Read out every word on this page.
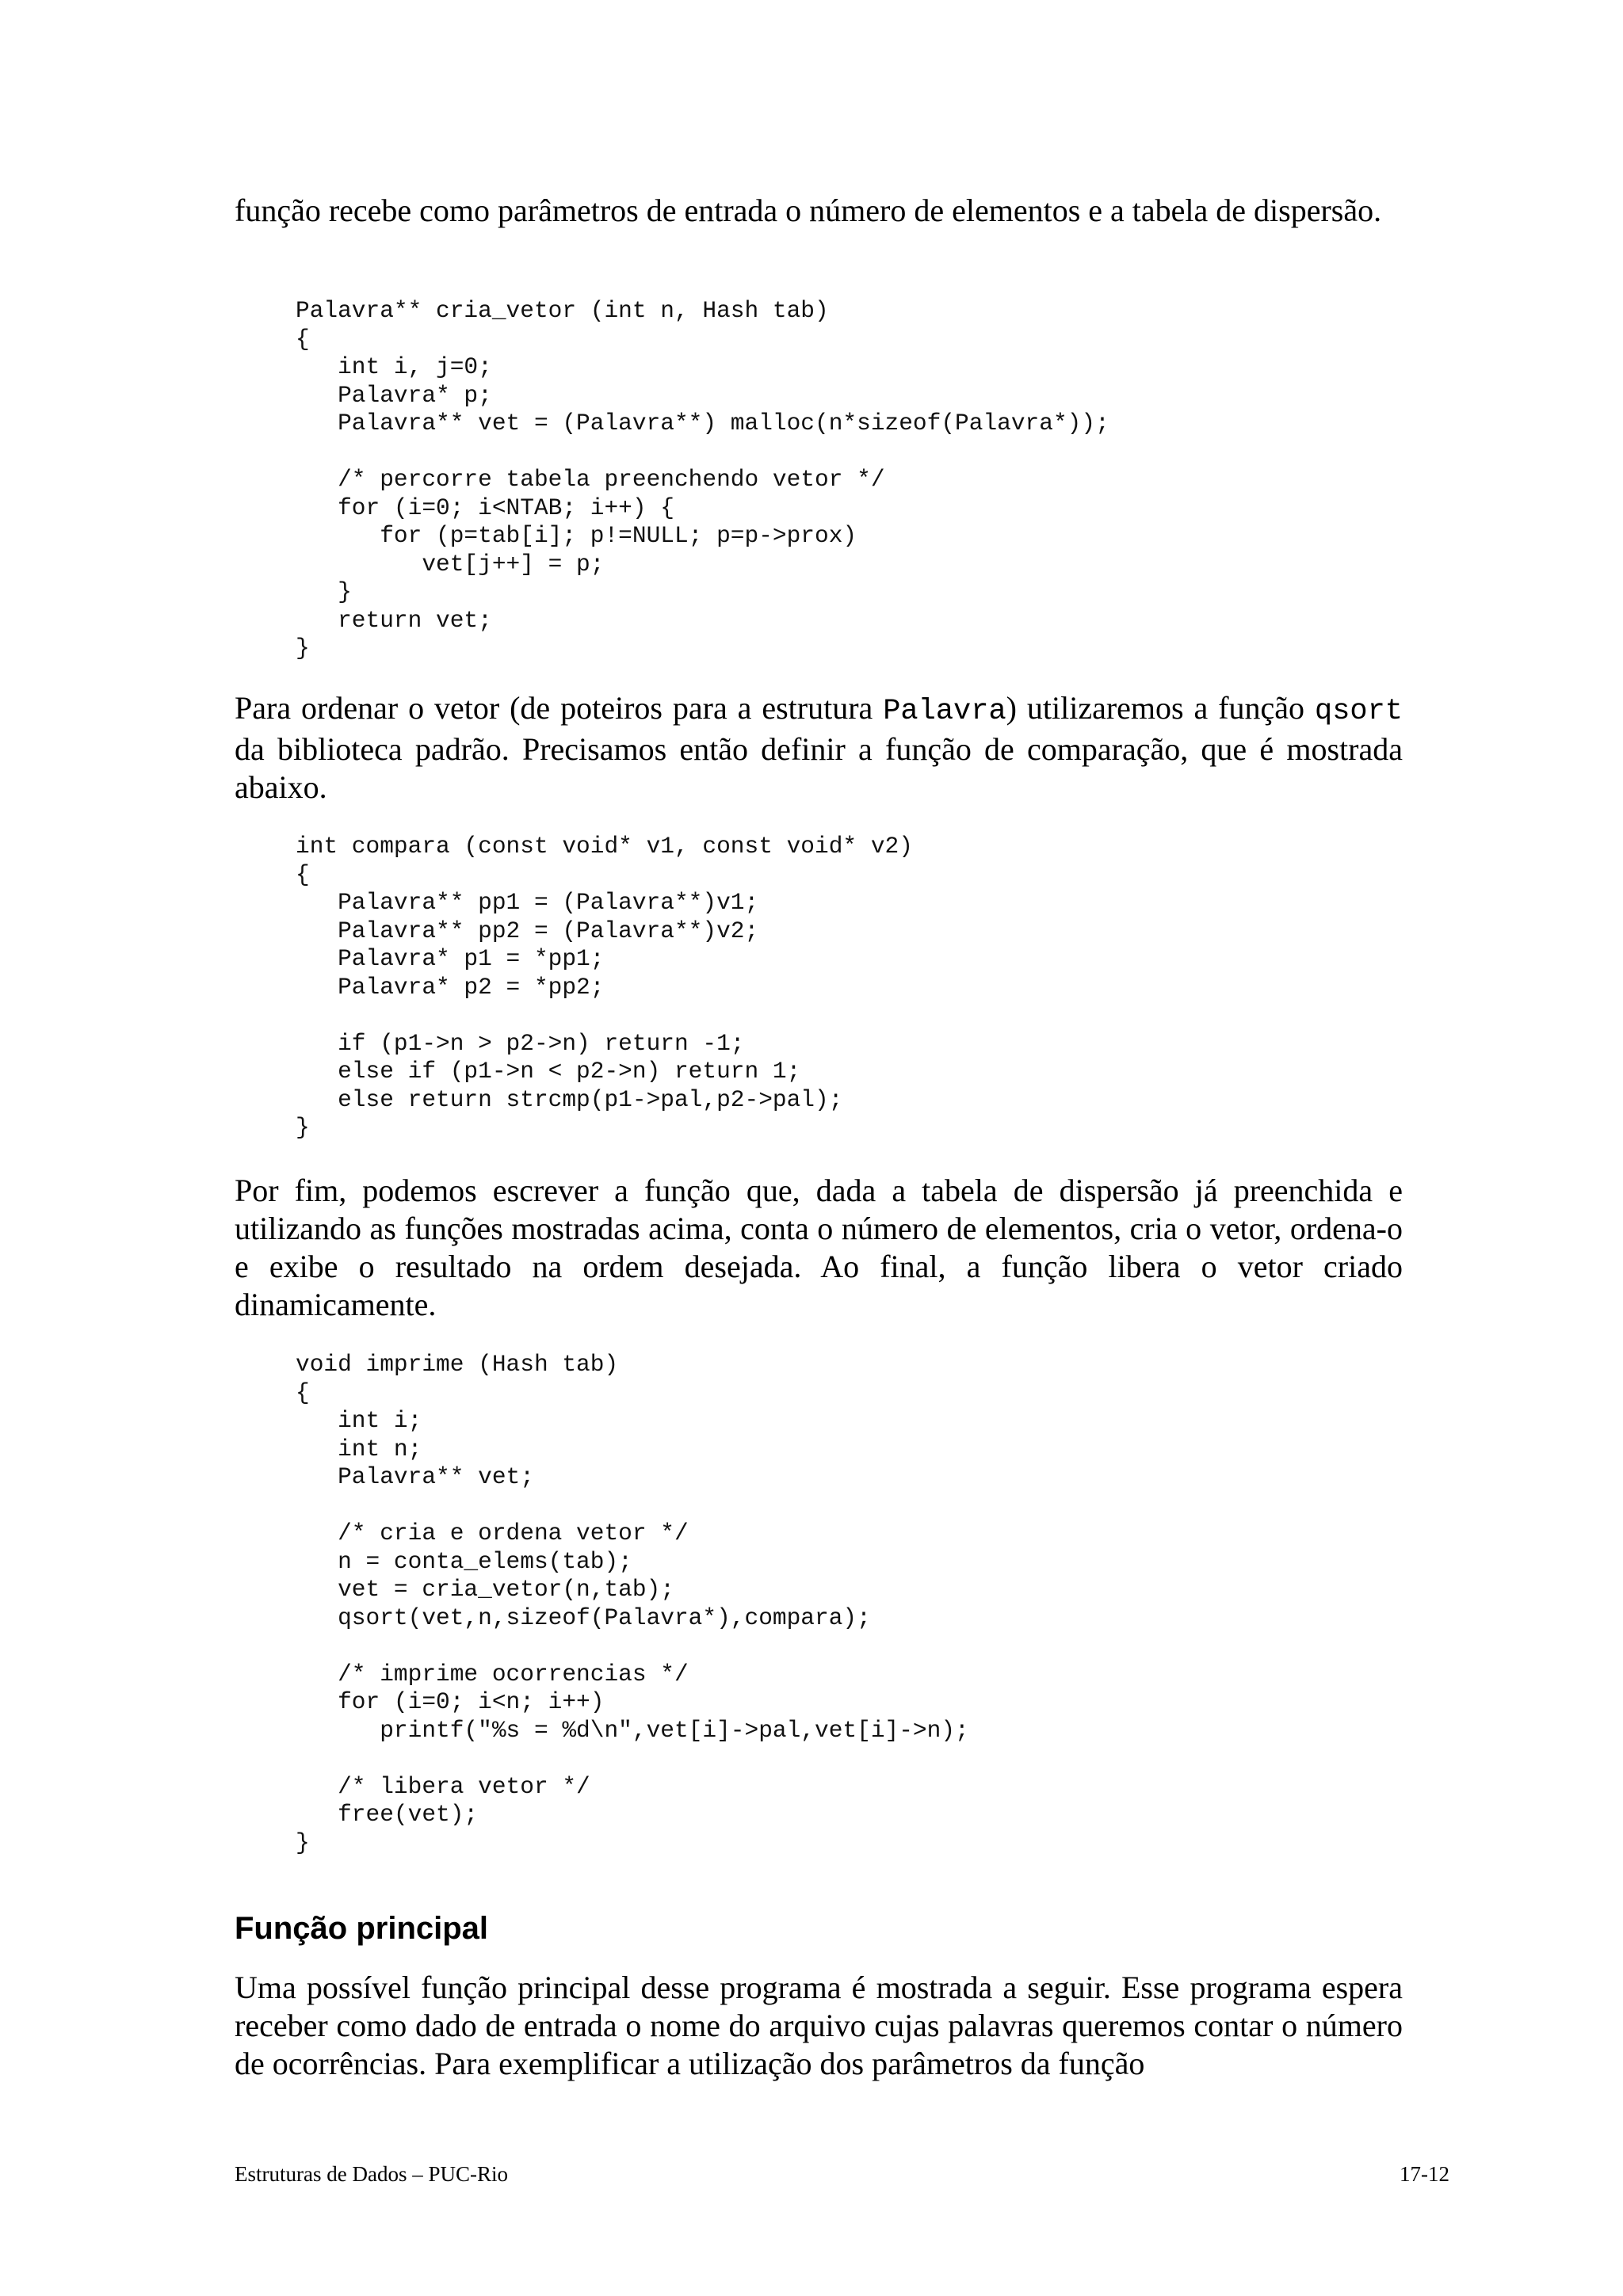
função recebe como parâmetros de entrada o número de elementos e a tabela de dispersão.

Palavra** cria_vetor (int n, Hash tab)
{
int i, j=0;
Palavra* p;
Palavra** vet = (Palavra**) malloc(n*sizeof(Palavra*));

/* percorre tabela preenchendo vetor */
for (i=0; i<NTAB; i++) {
for (p=tab[i]; p!=NULL; p=p->prox)
vet[j++] = p;
}
return vet;
}

Para ordenar o vetor (de poteiros para a estrutura Palavra) utilizaremos a função qsort da biblioteca padrão. Precisamos então definir a função de comparação, que é mostrada abaixo.

int compara (const void* v1, const void* v2)
{
Palavra** pp1 = (Palavra**)v1;
Palavra** pp2 = (Palavra**)v2;
Palavra* p1 = *pp1;
Palavra* p2 = *pp2;

if (p1->n > p2->n) return -1;
else if (p1->n < p2->n) return 1;
else return strcmp(p1->pal,p2->pal);
}

Por fim, podemos escrever a função que, dada a tabela de dispersão já preenchida e utilizando as funções mostradas acima, conta o número de elementos, cria o vetor, ordena-o e exibe o resultado na ordem desejada. Ao final, a função libera o vetor criado dinamicamente.

void imprime (Hash tab)
{
int i;
int n;
Palavra** vet;

/* cria e ordena vetor */
n = conta_elems(tab);
vet = cria_vetor(n,tab);
qsort(vet,n,sizeof(Palavra*),compara);

/* imprime ocorrencias */
for (i=0; i<n; i++)
printf("%s = %d\n",vet[i]->pal,vet[i]->n);

/* libera vetor */
free(vet);
}
Função principal

Uma possível função principal desse programa é mostrada a seguir. Esse programa espera receber como dado de entrada o nome do arquivo cujas palavras queremos contar o número de ocorrências. Para exemplificar a utilização dos parâmetros da função

Estruturas de Dados – PUC-Rio	17-12
